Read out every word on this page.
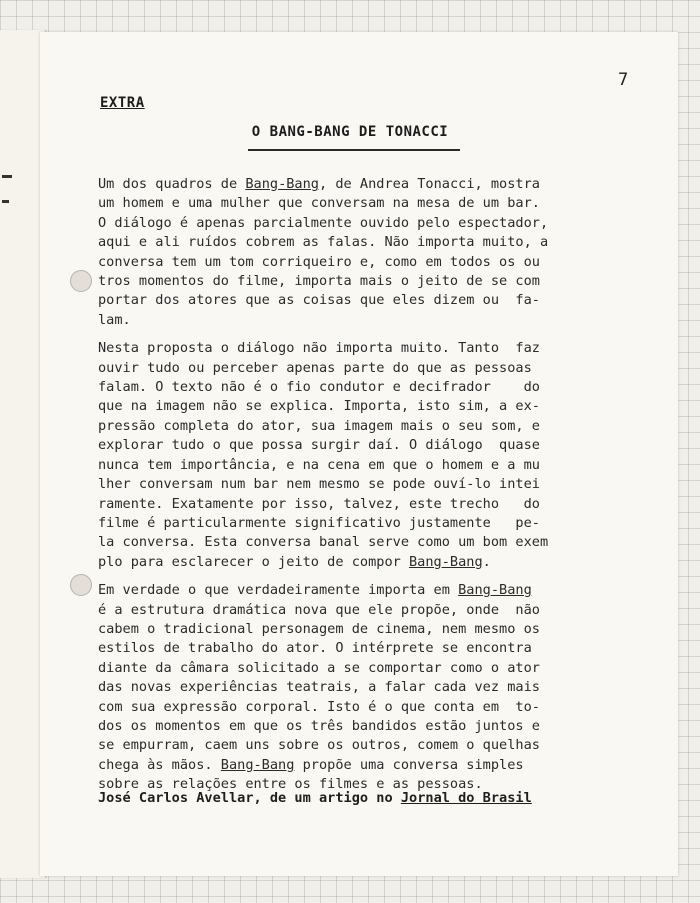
7
EXTRA
O BANG-BANG DE TONACCI
Um dos quadros de Bang-Bang, de Andrea Tonacci, mostra
um homem e uma mulher que conversam na mesa de um bar.
O diálogo é apenas parcialmente ouvido pelo espectador,
aqui e ali ruídos cobrem as falas. Não importa muito, a
conversa tem um tom corriqueiro e, como em todos os ou
tros momentos do filme, importa mais o jeito de se com
portar dos atores que as coisas que eles dizem ou  fa-
lam.
Nesta proposta o diálogo não importa muito. Tanto  faz
ouvir tudo ou perceber apenas parte do que as pessoas
falam. O texto não é o fio condutor e decifrador    do
que na imagem não se explica. Importa, isto sim, a ex-
pressão completa do ator, sua imagem mais o seu som, e
explorar tudo o que possa surgir daí. O diálogo  quase
nunca tem importância, e na cena em que o homem e a mu
lher conversam num bar nem mesmo se pode ouví-lo intei
ramente. Exatamente por isso, talvez, este trecho   do
filme é particularmente significativo justamente   pe-
la conversa. Esta conversa banal serve como um bom exem
plo para esclarecer o jeito de compor Bang-Bang.
Em verdade o que verdadeiramente importa em Bang-Bang
é a estrutura dramática nova que ele propõe, onde  não
cabem o tradicional personagem de cinema, nem mesmo os
estilos de trabalho do ator. O intérprete se encontra
diante da câmara solicitado a se comportar como o ator
das novas experiências teatrais, a falar cada vez mais
com sua expressão corporal. Isto é o que conta em  to-
dos os momentos em que os três bandidos estão juntos e
se empurram, caem uns sobre os outros, comem o quelhas
chega às mãos. Bang-Bang propõe uma conversa simples
sobre as relações entre os filmes e as pessoas.
José Carlos Avellar, de um artigo no Jornal do Brasil
